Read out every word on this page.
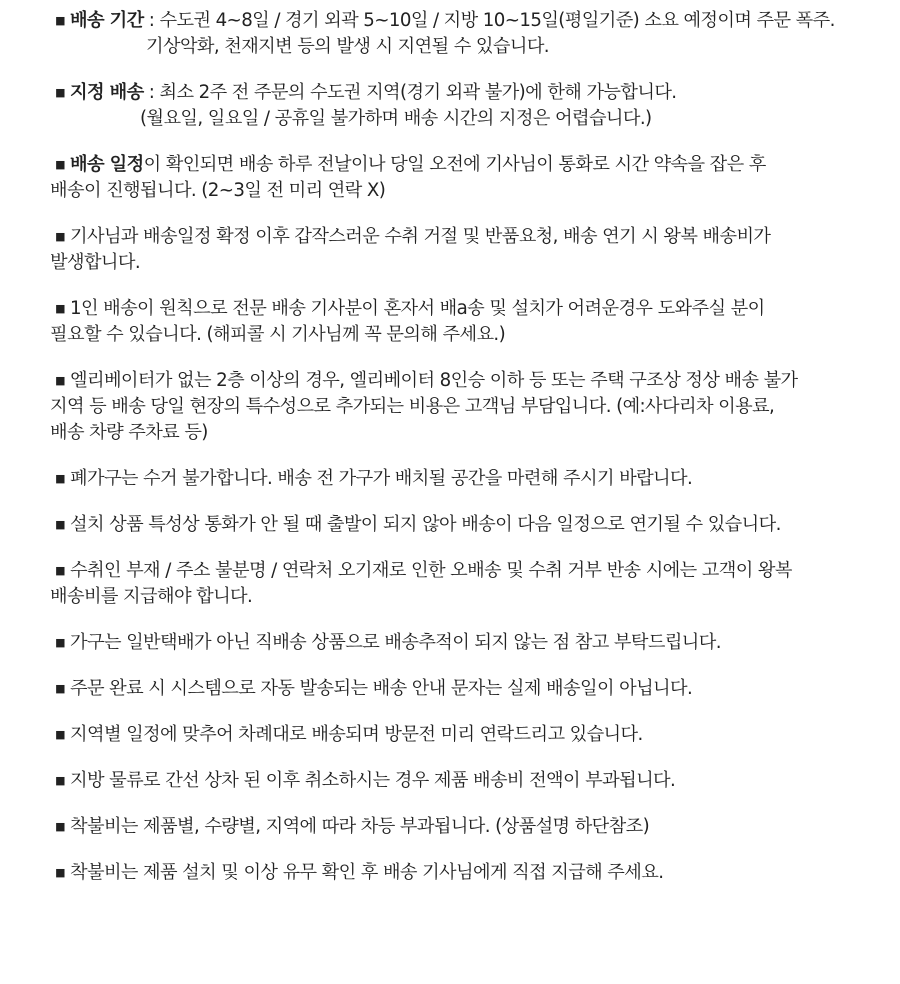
■ 배송 기간 : 수도권 4~8일 / 경기 외곽 5~10일 / 지방 10~15일(평일기준) 소요 예정이며 주문 폭주.
기상악화, 천재지변 등의 발생 시 지연될 수 있습니다.
■ 지정 배송 : 최소 2주 전 주문의 수도권 지역(경기 외곽 불가)에 한해 가능합니다.
(월요일, 일요일 / 공휴일 불가하며 배송 시간의 지정은 어렵습니다.)
■ 배송 일정이 확인되면 배송 하루 전날이나 당일 오전에 기사님이 통화로 시간 약속을 잡은 후
배송이 진행됩니다. (2~3일 전 미리 연락 X)
■ 기사님과 배송일정 확정 이후 갑작스러운 수취 거절 및 반품요청, 배송 연기 시 왕복 배송비가
발생합니다.
■ 1인 배송이 원칙으로 전문 배송 기사분이 혼자서 배a송 및 설치가 어려운경우 도와주실 분이
필요할 수 있습니다. (해피콜 시 기사님께 꼭 문의해 주세요.)
■ 엘리베이터가 없는 2층 이상의 경우, 엘리베이터 8인승 이하 등 또는 주택 구조상 정상 배송 불가
지역 등 배송 당일 현장의 특수성으로 추가되는 비용은 고객님 부담입니다. (예:사다리차 이용료,
배송 차량 주차료 등)
■ 폐가구는 수거 불가합니다. 배송 전 가구가 배치될 공간을 마련해 주시기 바랍니다.
■ 설치 상품 특성상 통화가 안 될 때 출발이 되지 않아 배송이 다음 일정으로 연기될 수 있습니다.
■ 수취인 부재 / 주소 불분명 / 연락처 오기재로 인한 오배송 및 수취 거부 반송 시에는 고객이 왕복
배송비를 지급해야 합니다.
■ 가구는 일반택배가 아닌 직배송 상품으로 배송추적이 되지 않는 점 참고 부탁드립니다.
■ 주문 완료 시 시스템으로 자동 발송되는 배송 안내 문자는 실제 배송일이 아닙니다.
■ 지역별 일정에 맞추어 차례대로 배송되며 방문전 미리 연락드리고 있습니다.
■ 지방 물류로 간선 상차 된 이후 취소하시는 경우 제품 배송비 전액이 부과됩니다.
■ 착불비는 제품별, 수량별, 지역에 따라 차등 부과됩니다. (상품설명 하단참조)
■ 착불비는 제품 설치 및 이상 유무 확인 후 배송 기사님에게 직접 지급해 주세요.
